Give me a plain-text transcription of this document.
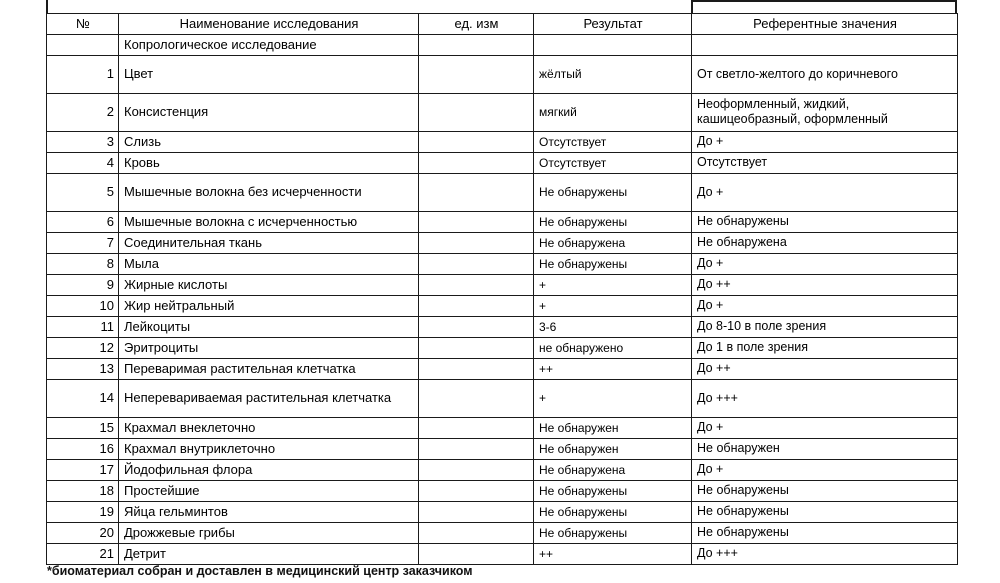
№	Наименование исследования	ед. изм	Результат	Референтные значения
	Копрологическое исследование			
1	Цвет		жёлтый	От светло-желтого до коричневого
2	Консистенция		мягкий	Неоформленный, жидкий, кашицеобразный, оформленный
3	Слизь		Отсутствует	До +
4	Кровь		Отсутствует	Отсутствует
5	Мышечные волокна без исчерченности		Не обнаружены	До +
6	Мышечные волокна с исчерченностью		Не обнаружены	Не обнаружены
7	Соединительная ткань		Не обнаружена	Не обнаружена
8	Мыла		Не обнаружены	До +
9	Жирные кислоты		+	До ++
10	Жир нейтральный		+	До +
11	Лейкоциты		3-6	До 8-10 в поле зрения
12	Эритроциты		не обнаружено	До 1 в поле зрения
13	Переваримая растительная клетчатка		++	До ++
14	Неперевариваемая растительная клетчатка		+	До +++
15	Крахмал внеклеточно		Не обнаружен	До +
16	Крахмал внутриклеточно		Не обнаружен	Не обнаружен
17	Йодофильная флора		Не обнаружена	До +
18	Простейшие		Не обнаружены	Не обнаружены
19	Яйца гельминтов		Не обнаружены	Не обнаружены
20	Дрожжевые грибы		Не обнаружены	Не обнаружены
21	Детрит		++	До +++
*биоматериал собран и доставлен в медицинский центр заказчиком
